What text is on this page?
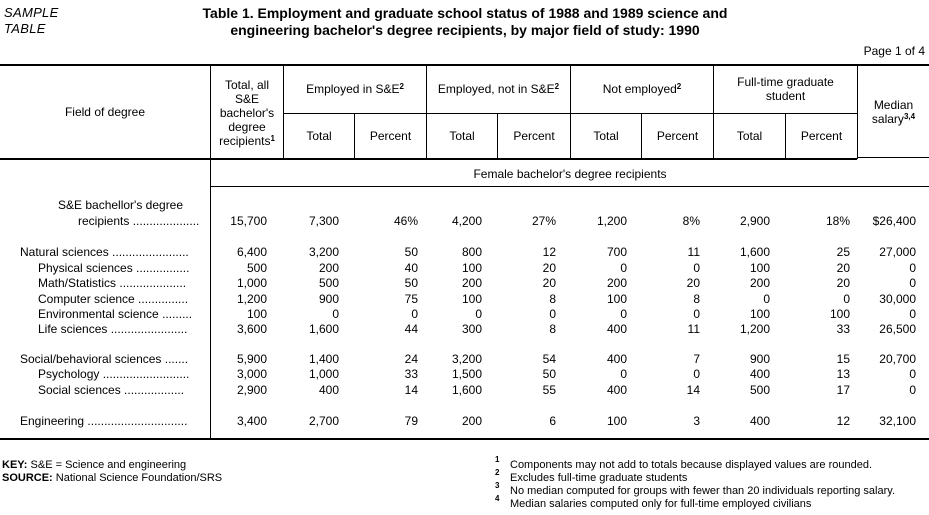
SAMPLE
TABLE
Table 1. Employment and graduate school status of 1988 and 1989 science and
engineering bachelor's degree recipients, by major field of study: 1990
Page 1 of 4
Field of degree
Total, all
S&E
bachelor's
degree
recipients$^1$
Employed in $S\&E^2$	Employed, not in $S\&E^2$	Not employed$^2$	Full-time graduate
student
Median
salary$^{3,4}$
Total	Percent	Total	Percent	Total	Percent	Total	Percent
Female bachelor's degree recipients
S&E bachellor's degree
recipients ....................	15,700	7,300	46%	4,200	27%	1,200	8%	2,900	18%	$26,400
Natural sciences .......................	6,400	3,200	50	800	12	700	11	1,600	25	27,000
Physical sciences ................	500	200	40	100	20	0	0	100	20	0
Math/Statistics ....................	1,000	500	50	200	20	200	20	200	20	0
Computer science ...............	1,200	900	75	100	8	100	8	0	0	30,000
Environmental science .........	100	0	0	0	0	0	0	100	100	0
Life sciences .......................	3,600	1,600	44	300	8	400	11	1,200	33	26,500
Social/behavioral sciences .......	5,900	1,400	24	3,200	54	400	7	900	15	20,700
Psychology ..........................	3,000	1,000	33	1,500	50	0	0	400	13	0
Social sciences ..................	2,900	400	14	1,600	55	400	14	500	17	0
Engineering ..............................	3,400	2,700	79	200	6	100	3	400	12	32,100
KEY: S&E = Science and engineering
SOURCE: National Science Foundation/SRS
1 Components may not add to totals because displayed values are rounded.
2 Excludes full-time graduate students
3 No median computed for groups with fewer than 20 individuals reporting salary.
4 Median salaries computed only for full-time employed civilians
